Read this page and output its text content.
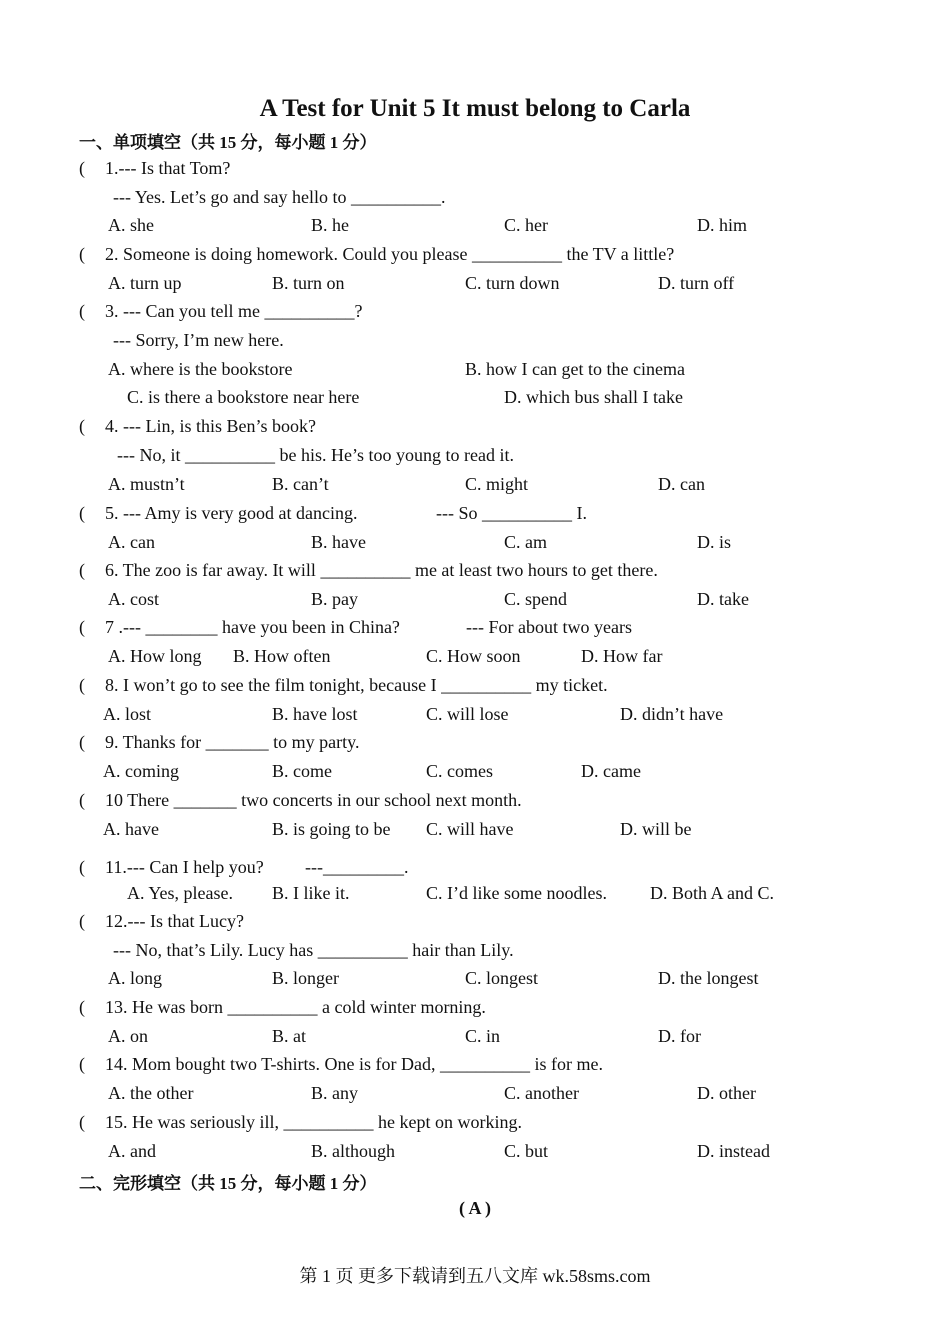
A Test for Unit 5 It must belong to Carla
一、单项填空（共 15 分，每小题 1 分）
( 1.--- Is that Tom?
--- Yes. Let’s go and say hello to __________.
A. she	B. he	C. her	D. him
( 2. Someone is doing homework. Could you please __________ the TV a little?
A. turn up	B. turn on	C. turn down	D. turn off
( 3. --- Can you tell me __________?
--- Sorry, I’m new here.
A. where is the bookstore	B. how I can get to the cinema
C. is there a bookstore near here	D. which bus shall I take
( 4. --- Lin, is this Ben’s book?
--- No, it __________ be his. He’s too young to read it.
A. mustn’t	B. can’t	C. might	D. can
( 5. --- Amy is very good at dancing.	--- So __________ I.
A. can	B. have	C. am	D. is
( 6. The zoo is far away. It will __________ me at least two hours to get there.
A. cost	B. pay	C. spend	D. take
( 7 .--- ________ have you been in China?	--- For about two years
A. How long B. How often	C. How soon	D. How far
( 8. I won’t go to see the film tonight, because I __________ my ticket.
A. lost	B. have lost	C. will lose	D. didn’t have
( 9. Thanks for _______ to my party.
A. coming	B. come	C. comes	D. came
( 10 There _______ two concerts in our school next month.
A. have	B. is going to be C. will have	D. will be
( 11.--- Can I help you? ---_________.
A. Yes, please. B. I like it.	C. I’d like some noodles. D. Both A and C.
( 12.--- Is that Lucy?
--- No, that’s Lily. Lucy has __________ hair than Lily.
A. long	B. longer	C. longest	D. the longest
( 13. He was born __________ a cold winter morning.
A. on	B. at	C. in	D. for
( 14. Mom bought two T-shirts. One is for Dad, __________ is for me.
A. the other	B. any	C. another	D. other
( 15. He was seriously ill, __________ he kept on working.
A. and	B. although	C. but	D. instead
二、完形填空（共 15 分，每小题 1 分）
( A )
第 1 页 更多下载请到五八文库 wk.58sms.com
